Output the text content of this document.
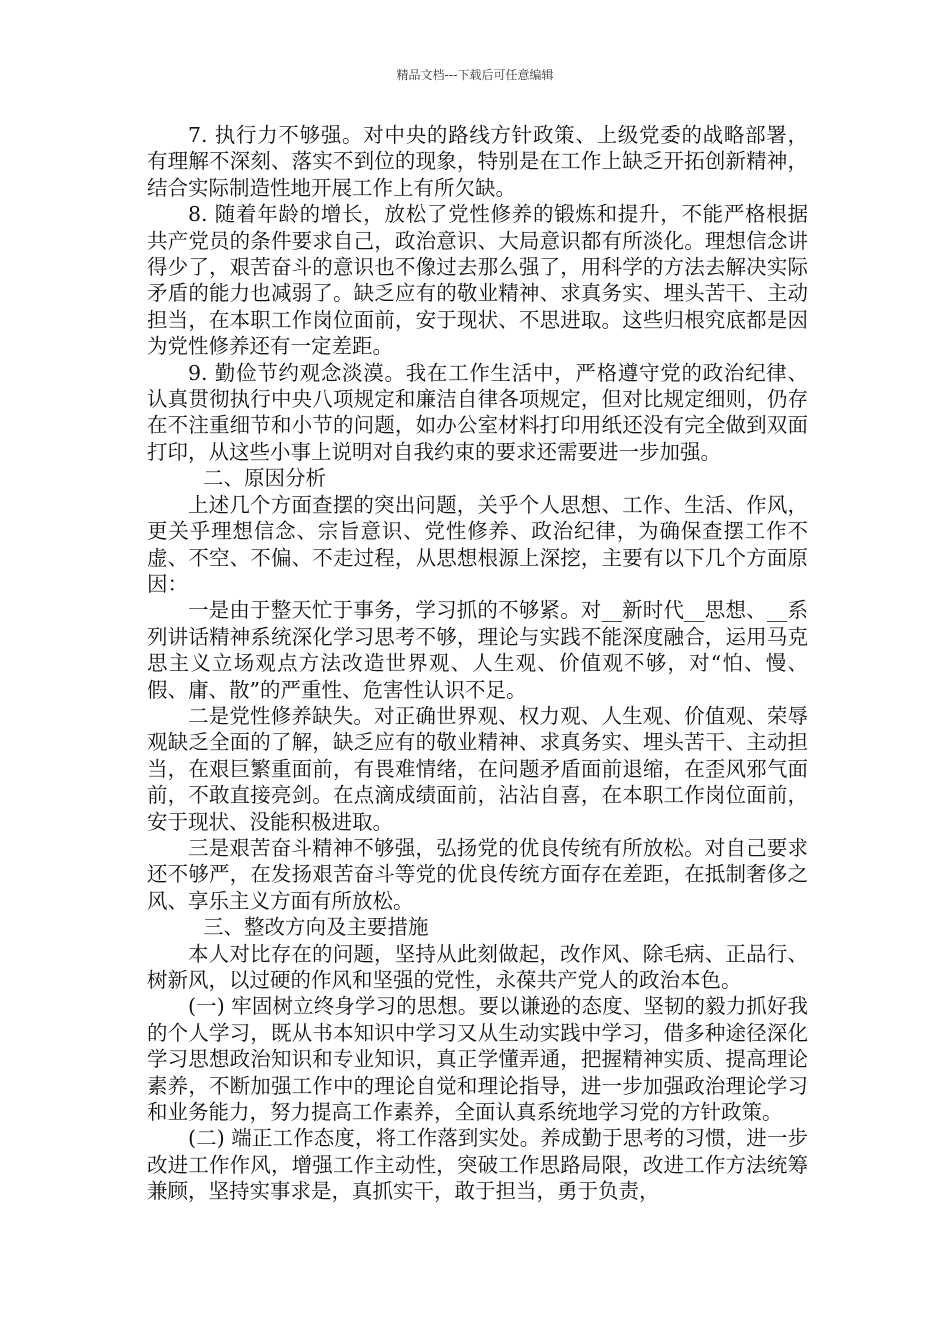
精品文档---下载后可任意编辑

7. 执行力不够强。对中央的路线方针政策、上级党委的战略部署，有理解不深刻、落实不到位的现象，特别是在工作上缺乏开拓创新精神，结合实际制造性地开展工作上有所欠缺。

8. 随着年龄的增长，放松了党性修养的锻炼和提升，不能严格根据共产党员的条件要求自己，政治意识、大局意识都有所淡化。理想信念讲得少了，艰苦奋斗的意识也不像过去那么强了，用科学的方法去解决实际矛盾的能力也减弱了。缺乏应有的敬业精神、求真务实、埋头苦干、主动担当，在本职工作岗位面前，安于现状、不思进取。这些归根究底都是因为党性修养还有一定差距。

9. 勤俭节约观念淡漠。我在工作生活中，严格遵守党的政治纪律、认真贯彻执行中央八项规定和廉洁自律各项规定，但对比规定细则，仍存在不注重细节和小节的问题，如办公室材料打印用纸还没有完全做到双面打印，从这些小事上说明对自我约束的要求还需要进一步加强。

二、原因分析

上述几个方面查摆的突出问题，关乎个人思想、工作、生活、作风，更关乎理想信念、宗旨意识、党性修养、政治纪律，为确保查摆工作不虚、不空、不偏、不走过程，从思想根源上深挖，主要有以下几个方面原因：

一是由于整天忙于事务，学习抓的不够紧。对__新时代__思想、__系列讲话精神系统深化学习思考不够，理论与实践不能深度融合，运用马克思主义立场观点方法改造世界观、人生观、价值观不够，对“怕、慢、假、庸、散”的严重性、危害性认识不足。

二是党性修养缺失。对正确世界观、权力观、人生观、价值观、荣辱观缺乏全面的了解，缺乏应有的敬业精神、求真务实、埋头苦干、主动担当，在艰巨繁重面前，有畏难情绪，在问题矛盾面前退缩，在歪风邪气面前，不敢直接亮剑。在点滴成绩面前，沾沾自喜，在本职工作岗位面前，安于现状、没能积极进取。

三是艰苦奋斗精神不够强，弘扬党的优良传统有所放松。对自己要求还不够严，在发扬艰苦奋斗等党的优良传统方面存在差距，在抵制奢侈之风、享乐主义方面有所放松。

三、整改方向及主要措施

本人对比存在的问题，坚持从此刻做起，改作风、除毛病、正品行、树新风，以过硬的作风和坚强的党性，永葆共产党人的政治本色。

(一) 牢固树立终身学习的思想。要以谦逊的态度、坚韧的毅力抓好我的个人学习，既从书本知识中学习又从生动实践中学习，借多种途径深化学习思想政治知识和专业知识，真正学懂弄通，把握精神实质、提高理论素养，不断加强工作中的理论自觉和理论指导，进一步加强政治理论学习和业务能力，努力提高工作素养，全面认真系统地学习党的方针政策。

(二) 端正工作态度，将工作落到实处。养成勤于思考的习惯，进一步改进工作作风，增强工作主动性，突破工作思路局限，改进工作方法统筹兼顾，坚持实事求是，真抓实干，敢于担当，勇于负责，
